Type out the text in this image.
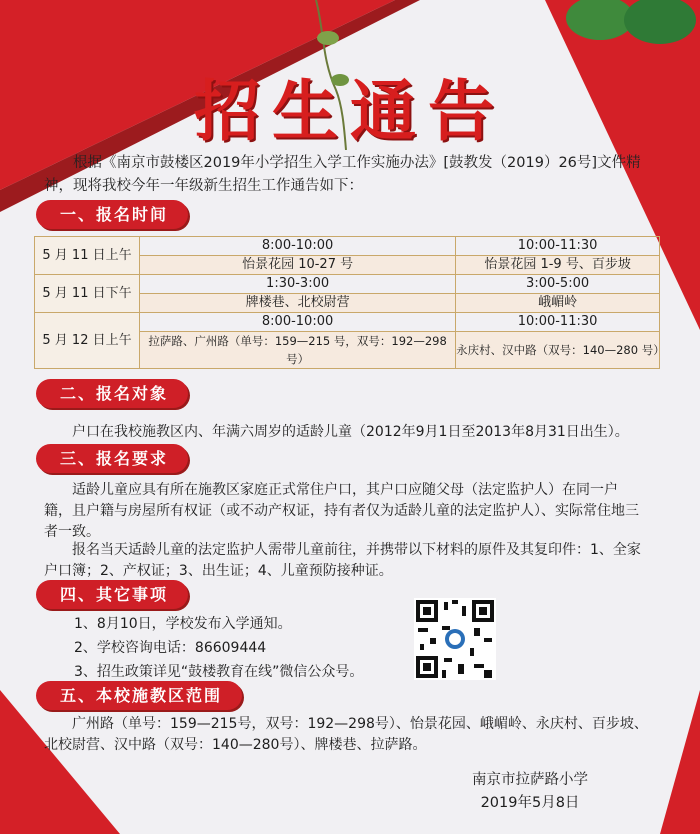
招生通告
根据《南京市鼓楼区2019年小学招生入学工作实施办法》[鼓教发（2019）26号]文件精神，现将我校今年一年级新生招生工作通告如下：
一、报名时间
5 月 11 日上午	8:00-10:00	10:00-11:30
	怡景花园 10-27 号	怡景花园 1-9 号、百步坡
5 月 11 日下午	1:30-3:00	3:00-5:00
	牌楼巷、北校尉营	峨嵋岭
5 月 12 日上午	8:00-10:00	10:00-11:30
	拉萨路、广州路（单号：159—215 号，双号：192—298 号）	永庆村、汉中路（双号：140—280 号）
二、报名对象
户口在我校施教区内、年满六周岁的适龄儿童（2012年9月1日至2013年8月31日出生）。
三、报名要求
适龄儿童应具有所在施教区家庭正式常住户口，其户口应随父母（法定监护人）在同一户籍，且户籍与房屋所有权证（或不动产权证，持有者仅为适龄儿童的法定监护人）、实际常住地三者一致。
报名当天适龄儿童的法定监护人需带儿童前往，并携带以下材料的原件及其复印件：1、全家户口簿；2、产权证；3、出生证；4、儿童预防接种证。
四、其它事项
1、8月10日，学校发布入学通知。
2、学校咨询电话：86609444
3、招生政策详见“鼓楼教育在线”微信公众号。
五、本校施教区范围
广州路（单号：159—215号，双号：192—298号）、怡景花园、峨嵋岭、永庆村、百步坡、北校尉营、汉中路（双号：140—280号）、牌楼巷、拉萨路。
南京市拉萨路小学
2019年5月8日
